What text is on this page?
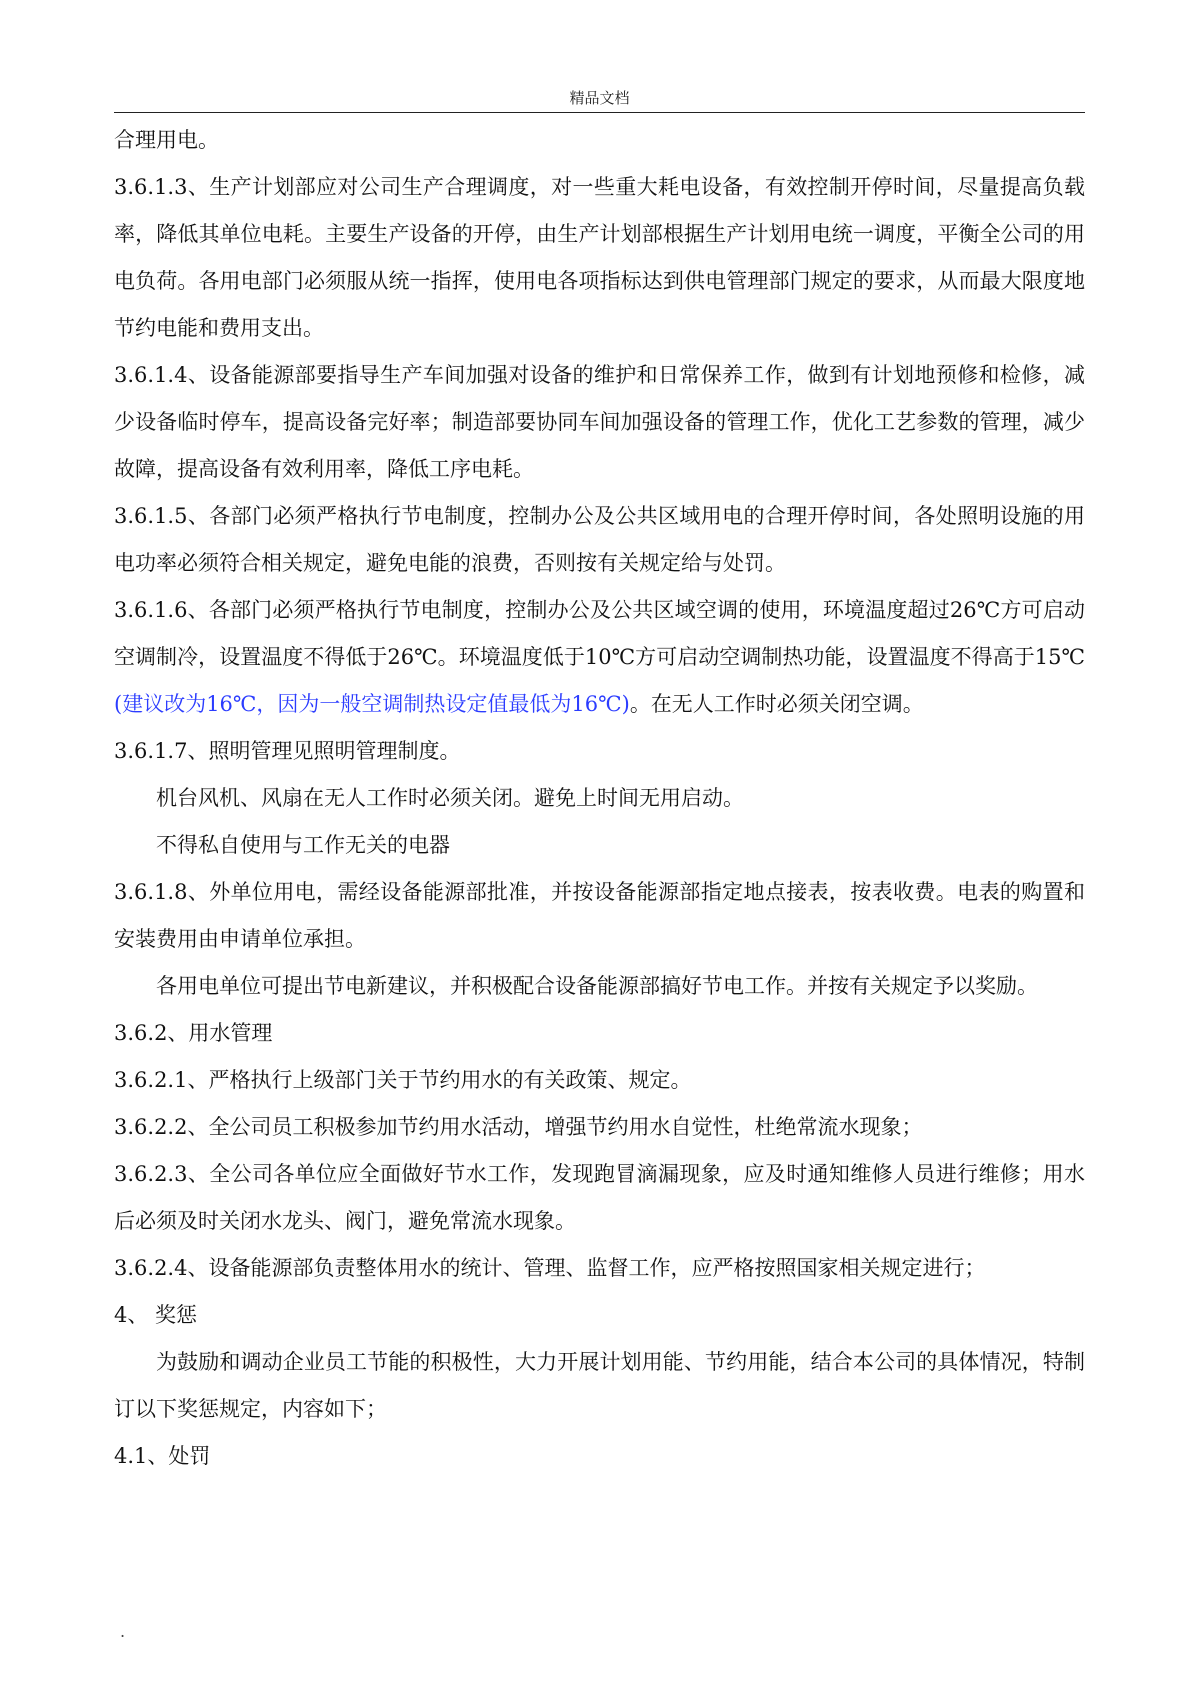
精品文档

合理用电。

3.6.1.3、生产计划部应对公司生产合理调度，对一些重大耗电设备，有效控制开停时间，尽量提高负载率，降低其单位电耗。主要生产设备的开停，由生产计划部根据生产计划用电统一调度，平衡全公司的用电负荷。各用电部门必须服从统一指挥，使用电各项指标达到供电管理部门规定的要求，从而最大限度地节约电能和费用支出。

3.6.1.4、设备能源部要指导生产车间加强对设备的维护和日常保养工作，做到有计划地预修和检修，减少设备临时停车，提高设备完好率；制造部要协同车间加强设备的管理工作，优化工艺参数的管理，减少故障，提高设备有效利用率，降低工序电耗。

3.6.1.5、各部门必须严格执行节电制度，控制办公及公共区域用电的合理开停时间，各处照明设施的用电功率必须符合相关规定，避免电能的浪费，否则按有关规定给与处罚。

3.6.1.6、各部门必须严格执行节电制度，控制办公及公共区域空调的使用，环境温度超过26℃方可启动空调制冷，设置温度不得低于26℃。环境温度低于10℃方可启动空调制热功能，设置温度不得高于15℃(建议改为16℃，因为一般空调制热设定值最低为16℃)。在无人工作时必须关闭空调。

3.6.1.7、照明管理见照明管理制度。

机台风机、风扇在无人工作时必须关闭。避免上时间无用启动。

不得私自使用与工作无关的电器

3.6.1.8、外单位用电，需经设备能源部批准，并按设备能源部指定地点接表，按表收费。电表的购置和安装费用由申请单位承担。

各用电单位可提出节电新建议，并积极配合设备能源部搞好节电工作。并按有关规定予以奖励。

3.6.2、用水管理

3.6.2.1、严格执行上级部门关于节约用水的有关政策、规定。

3.6.2.2、全公司员工积极参加节约用水活动，增强节约用水自觉性，杜绝常流水现象；

3.6.2.3、全公司各单位应全面做好节水工作，发现跑冒滴漏现象，应及时通知维修人员进行维修；用水后必须及时关闭水龙头、阀门，避免常流水现象。

3.6.2.4、设备能源部负责整体用水的统计、管理、监督工作，应严格按照国家相关规定进行；

4、 奖惩

为鼓励和调动企业员工节能的积极性，大力开展计划用能、节约用能，结合本公司的具体情况，特制订以下奖惩规定，内容如下；

4.1、处罚

.
